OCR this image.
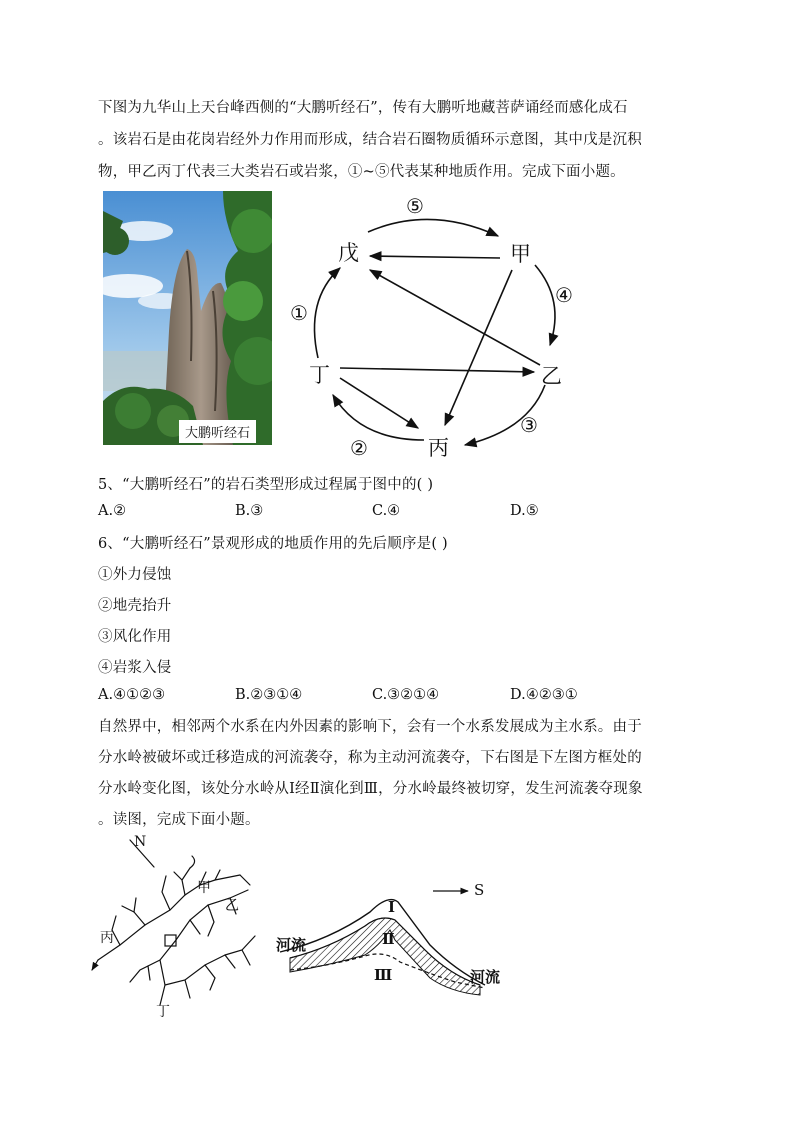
下图为九华山上天台峰西侧的“大鹏听经石”，传有大鹏听地藏菩萨诵经而感化成石
。该岩石是由花岗岩经外力作用而形成，结合岩石圈物质循环示意图，其中戊是沉积
物，甲乙丙丁代表三大类岩石或岩浆，①~⑤代表某种地质作用。完成下面小题。
大鹏听经石
戊	甲
乙
丙
丁
⑤
④
③
②
①
5、“大鹏听经石”的岩石类型形成过程属于图中的( )
A.②	B.③	C.④	D.⑤
6、“大鹏听经石”景观形成的地质作用的先后顺序是( )
①外力侵蚀
②地壳抬升
③风化作用
④岩浆入侵
A.④①②③	B.②③①④	C.③②①④	D.④②③①
自然界中，相邻两个水系在内外因素的影响下，会有一个水系发展成为主水系。由于
分水岭被破坏或迁移造成的河流袭夺，称为主动河流袭夺，下右图是下左图方框处的
分水岭变化图，该处分水岭从Ⅰ经Ⅱ演化到Ⅲ，分水岭最终被切穿，发生河流袭夺现象
。读图，完成下面小题。
N
甲
乙
丙
丁
Ⅰ
Ⅱ
Ⅲ
S
河流
河流
